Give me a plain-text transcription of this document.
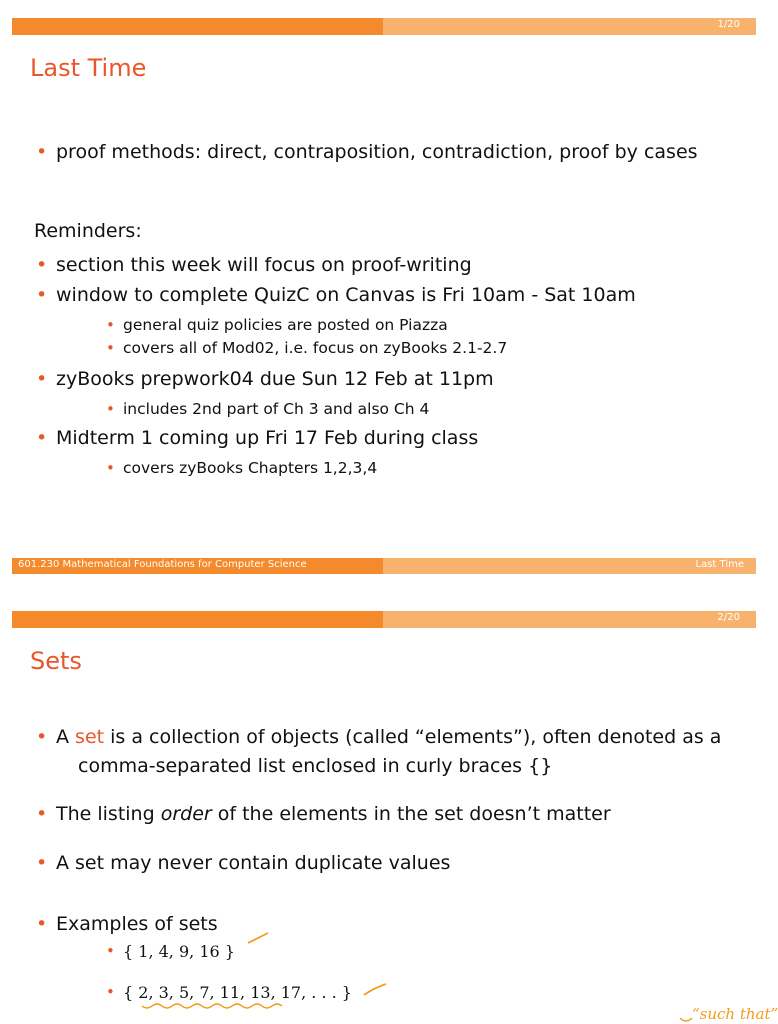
1/20
Last Time
• proof methods: direct, contraposition, contradiction, proof by cases
Reminders:
• section this week will focus on proof-writing
• window to complete QuizC on Canvas is Fri 10am - Sat 10am
• general quiz policies are posted on Piazza
• covers all of Mod02, i.e. focus on zyBooks 2.1-2.7
• zyBooks prepwork04 due Sun 12 Feb at 11pm
• includes 2nd part of Ch 3 and also Ch 4
• Midterm 1 coming up Fri 17 Feb during class
• covers zyBooks Chapters 1,2,3,4
601.230 Mathematical Foundations for Computer Science	Last Time
2/20
Sets
• A set is a collection of objects (called “elements”), often denoted as a
comma-separated list enclosed in curly braces {}
• The listing order of the elements in the set doesn’t matter
• A set may never contain duplicate values
• Examples of sets
• { 1, 4, 9, 16 }
• { 2, 3, 5, 7, 11, 13, 17, . . . }
“such that”
